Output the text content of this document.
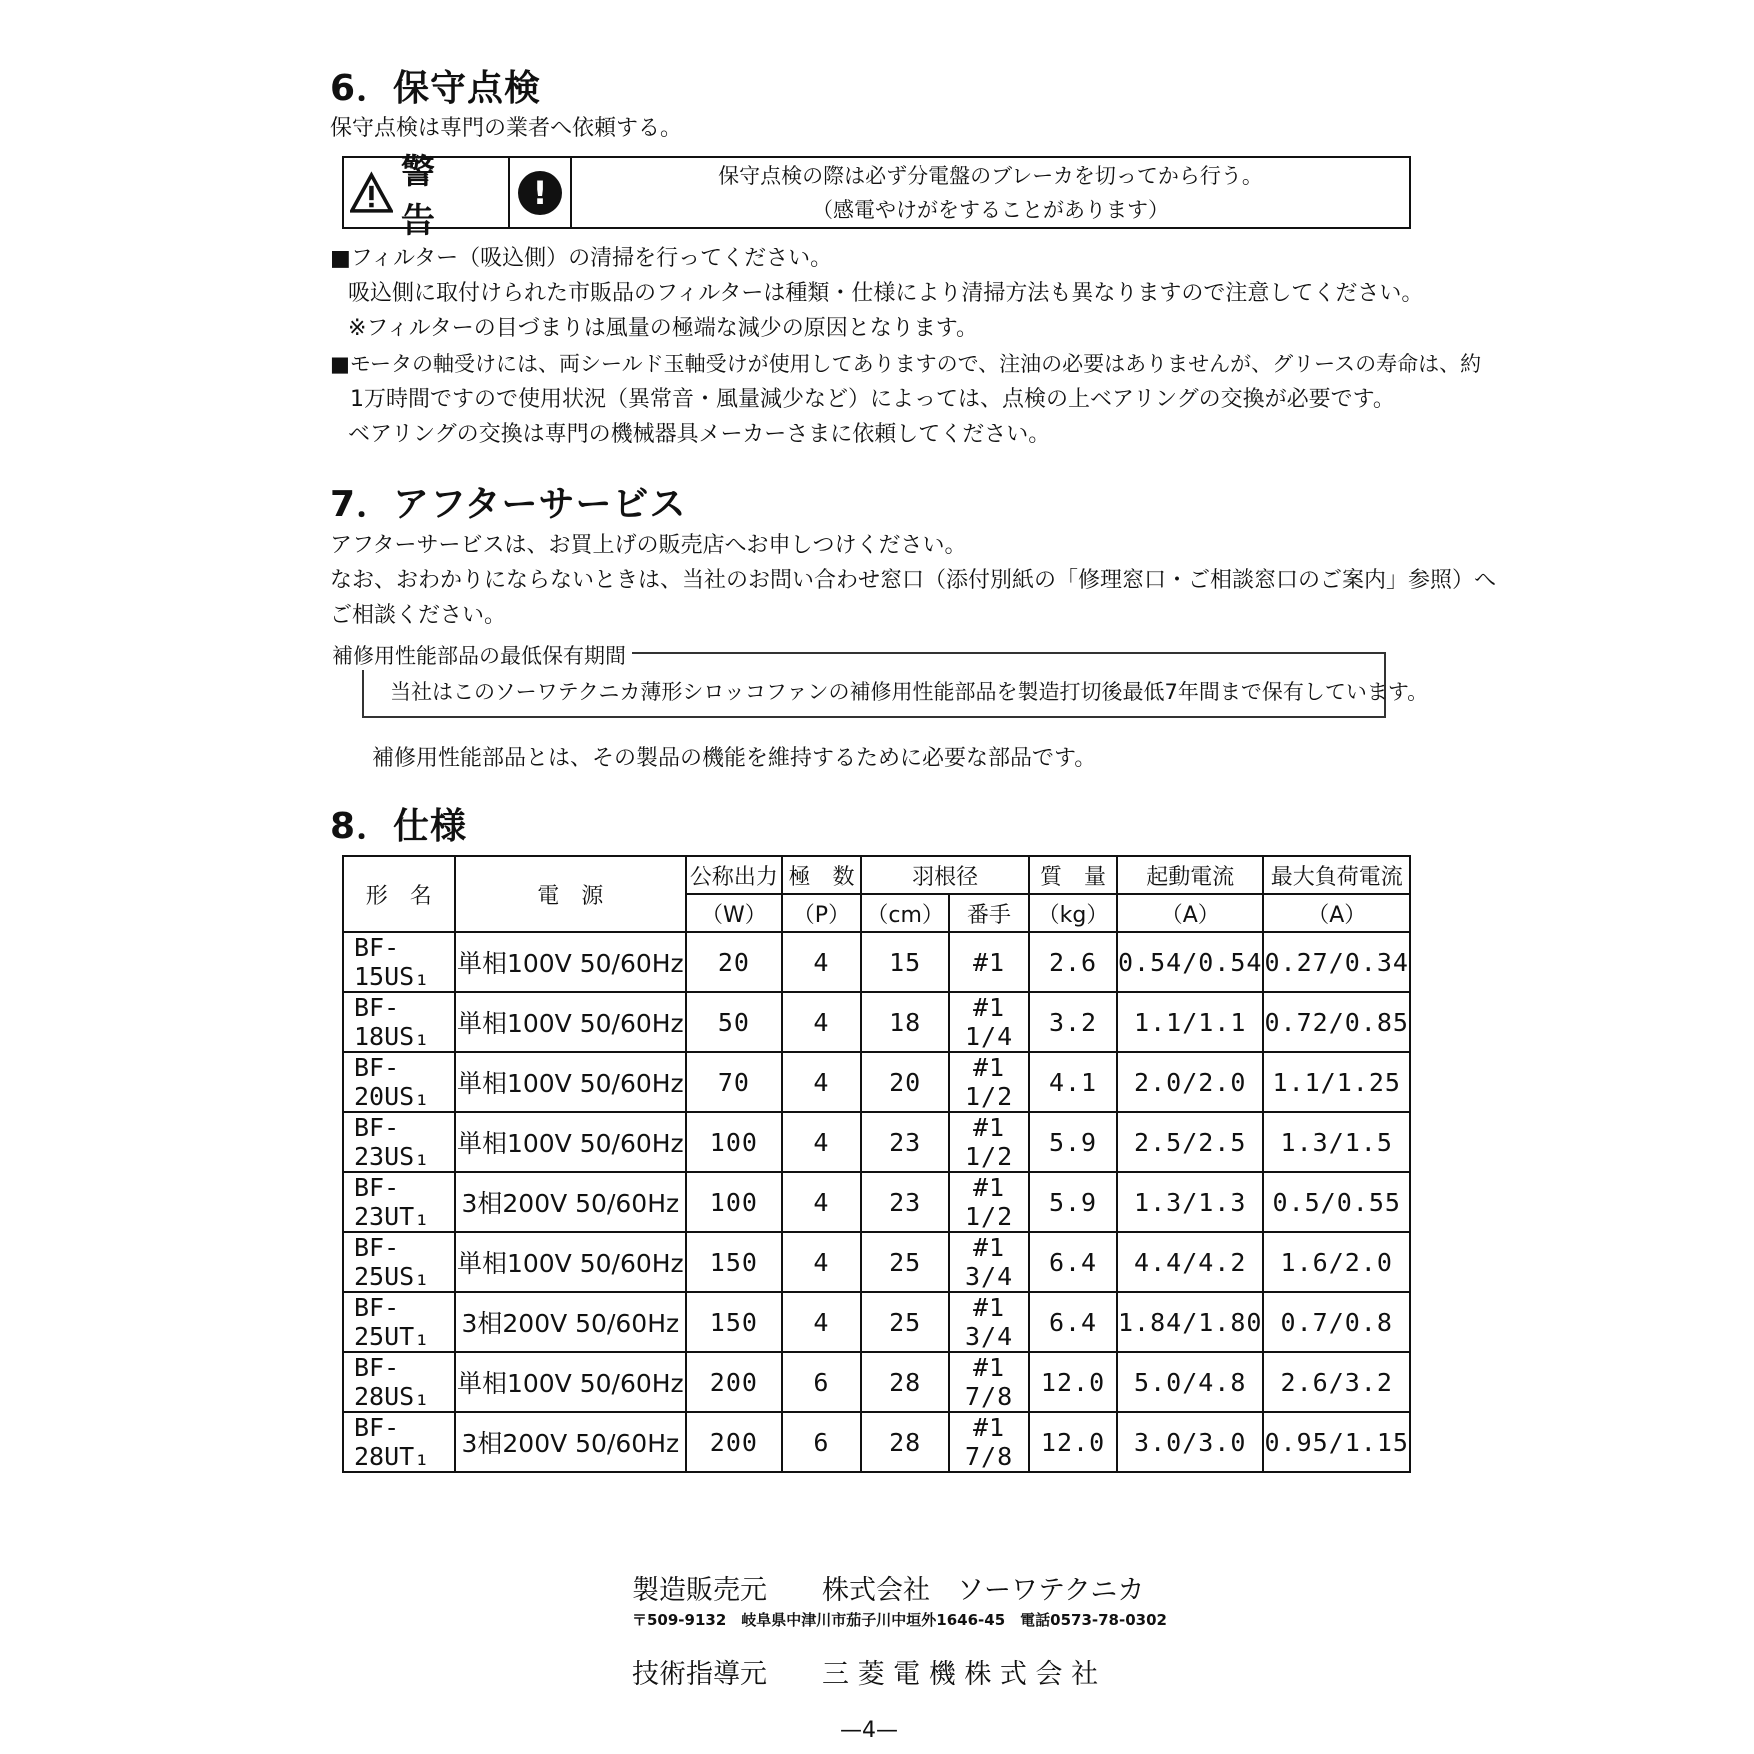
6．保守点検
保守点検は専門の業者へ依頼する。
警告
!	保守点検の際は必ず分電盤のブレーカを切ってから行う。
（感電やけがをすることがあります）
■フィルター（吸込側）の清掃を行ってください。
吸込側に取付けられた市販品のフィルターは種類・仕様により清掃方法も異なりますので注意してください。
※フィルターの目づまりは風量の極端な減少の原因となります。
■モータの軸受けには、両シールド玉軸受けが使用してありますので、注油の必要はありませんが、グリースの寿命は、約
1万時間ですので使用状況（異常音・風量減少など）によっては、点検の上ベアリングの交換が必要です。
ベアリングの交換は専門の機械器具メーカーさまに依頼してください。
7．アフターサービス
アフターサービスは、お買上げの販売店へお申しつけください。
なお、おわかりにならないときは、当社のお問い合わせ窓口（添付別紙の「修理窓口・ご相談窓口のご案内」参照）へ
ご相談ください。
補修用性能部品の最低保有期間
当社はこのソーワテクニカ薄形シロッコファンの補修用性能部品を製造打切後最低7年間まで保有しています。
補修用性能部品とは、その製品の機能を維持するために必要な部品です。
8．仕様
形　名	電　源	公称出力	極　数	羽根径		質　量	起動電流	最大負荷電流
		（W）	（P）	（cm）	番手	（kg）	（A）	（A）
BF-15US₁	単相100V 50/60Hz	20	4	15	#1	2.6	0.54/0.54	0.27/0.34
BF-18US₁	単相100V 50/60Hz	50	4	18	#1 1/4	3.2	1.1/1.1	0.72/0.85
BF-20US₁	単相100V 50/60Hz	70	4	20	#1 1/2	4.1	2.0/2.0	1.1/1.25
BF-23US₁	単相100V 50/60Hz	100	4	23	#1 1/2	5.9	2.5/2.5	1.3/1.5
BF-23UT₁	3相200V 50/60Hz	100	4	23	#1 1/2	5.9	1.3/1.3	0.5/0.55
BF-25US₁	単相100V 50/60Hz	150	4	25	#1 3/4	6.4	4.4/4.2	1.6/2.0
BF-25UT₁	3相200V 50/60Hz	150	4	25	#1 3/4	6.4	1.84/1.80	0.7/0.8
BF-28US₁	単相100V 50/60Hz	200	6	28	#1 7/8	12.0	5.0/4.8	2.6/3.2
BF-28UT₁	3相200V 50/60Hz	200	6	28	#1 7/8	12.0	3.0/3.0	0.95/1.15
製造販売元 株式会社　ソーワテクニカ
〒509-9132　岐阜県中津川市茄子川中垣外1646-45　電話0573-78-0302
技術指導元 三 菱 電 機 株 式 会 社
—4—
